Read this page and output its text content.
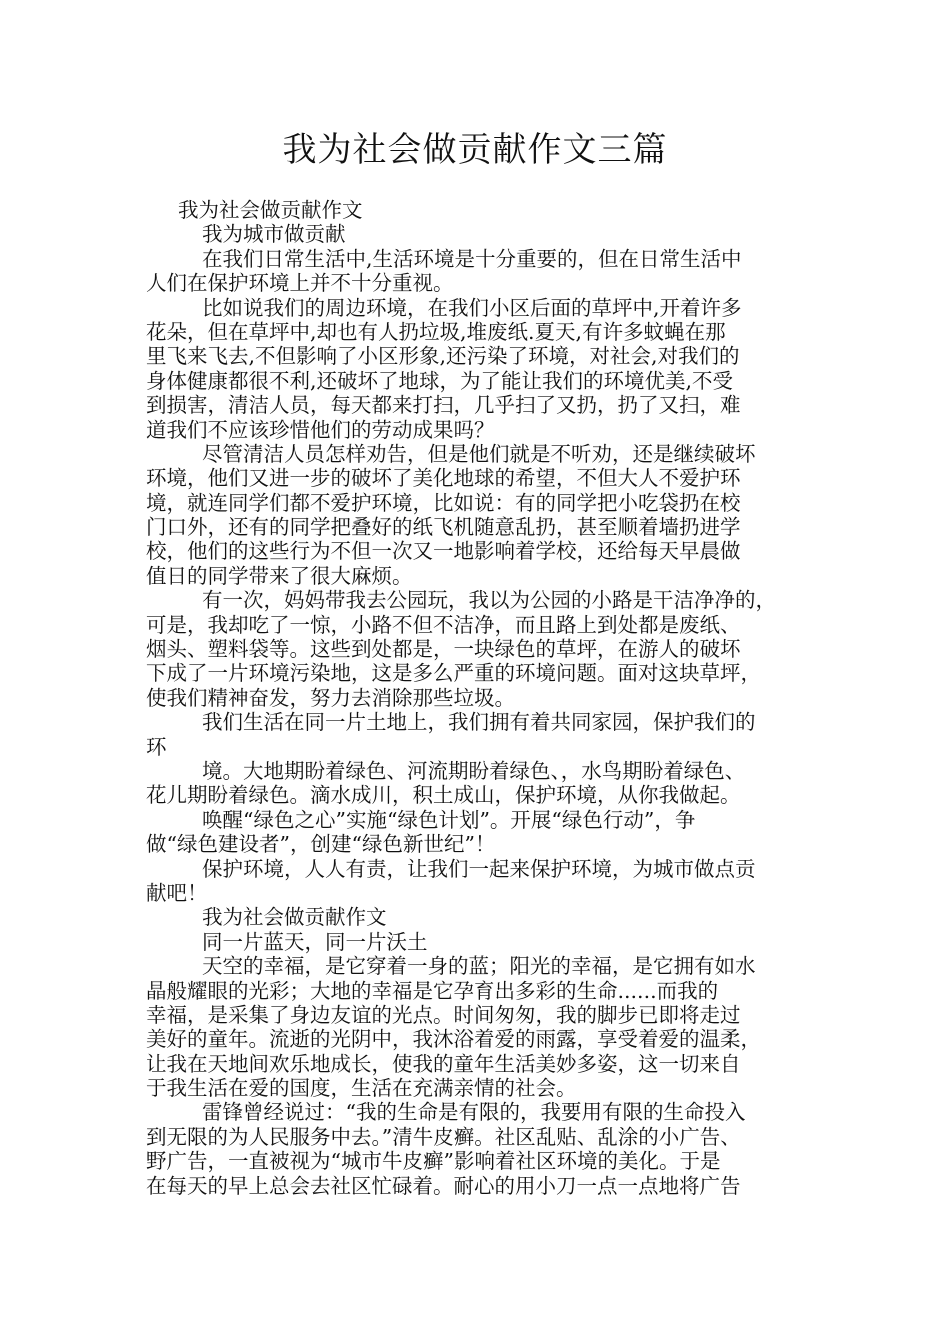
我为社会做贡献作文三篇

我为社会做贡献作文

我为城市做贡献

在我们日常生活中,生活环境是十分重要的，但在日常生活中

人们在保护环境上并不十分重视。

比如说我们的周边环境，在我们小区后面的草坪中,开着许多

花朵，但在草坪中,却也有人扔垃圾,堆废纸.夏天,有许多蚊蝇在那

里飞来飞去,不但影响了小区形象,还污染了环境，对社会,对我们的

身体健康都很不利,还破坏了地球，为了能让我们的环境优美,不受

到损害，清洁人员，每天都来打扫，几乎扫了又扔，扔了又扫，难

道我们不应该珍惜他们的劳动成果吗？

尽管清洁人员怎样劝告，但是他们就是不听劝，还是继续破坏

环境，他们又进一步的破坏了美化地球的希望，不但大人不爱护环

境，就连同学们都不爱护环境，比如说：有的同学把小吃袋扔在校

门口外，还有的同学把叠好的纸飞机随意乱扔，甚至顺着墙扔进学

校，他们的这些行为不但一次又一地影响着学校，还给每天早晨做

值日的同学带来了很大麻烦。

有一次，妈妈带我去公园玩，我以为公园的小路是干洁净净的，

可是，我却吃了一惊，小路不但不洁净，而且路上到处都是废纸、

烟头、塑料袋等。这些到处都是，一块绿色的草坪，在游人的破坏

下成了一片环境污染地，这是多么严重的环境问题。面对这块草坪，

使我们精神奋发，努力去消除那些垃圾。

我们生活在同一片土地上，我们拥有着共同家园，保护我们的

环

境。大地期盼着绿色、河流期盼着绿色、，水鸟期盼着绿色、

花儿期盼着绿色。滴水成川，积土成山，保护环境，从你我做起。

唤醒“绿色之心”实施“绿色计划”。开展“绿色行动”，争

做“绿色建设者”，创建“绿色新世纪”！

保护环境，人人有责，让我们一起来保护环境，为城市做点贡

献吧！

我为社会做贡献作文

同一片蓝天，同一片沃土

天空的幸福，是它穿着一身的蓝；阳光的幸福，是它拥有如水

晶般耀眼的光彩；大地的幸福是它孕育出多彩的生命......而我的

幸福，是采集了身边友谊的光点。时间匆匆，我的脚步已即将走过

美好的童年。流逝的光阴中，我沐浴着爱的雨露，享受着爱的温柔，

让我在天地间欢乐地成长，使我的童年生活美妙多姿，这一切来自

于我生活在爱的国度，生活在充满亲情的社会。

雷锋曾经说过：“我的生命是有限的，我要用有限的生命投入

到无限的为人民服务中去。”清牛皮癣。社区乱贴、乱涂的小广告、

野广告，一直被视为“城市牛皮癣”影响着社区环境的美化。于是

在每天的早上总会去社区忙碌着。耐心的用小刀一点一点地将广告
